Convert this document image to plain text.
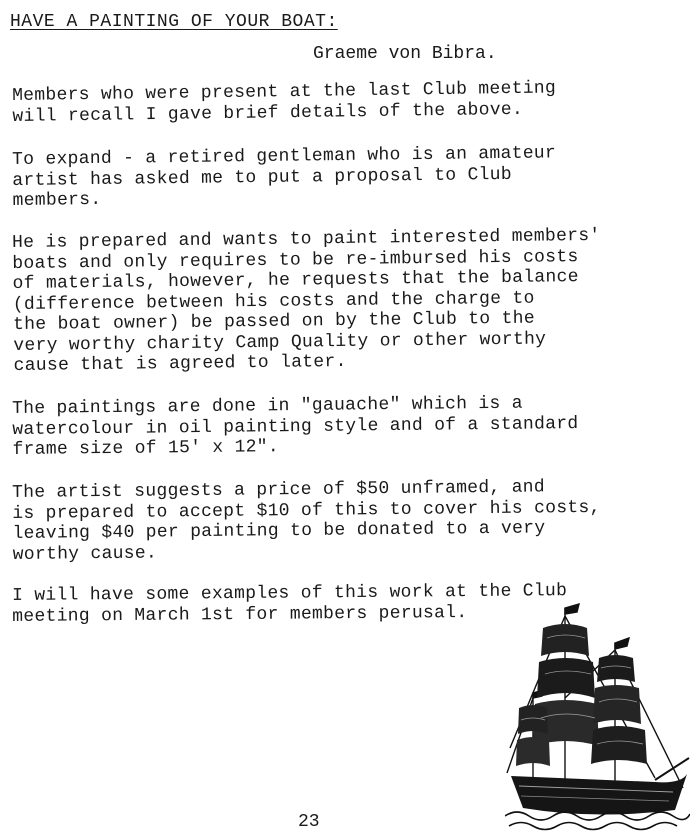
HAVE A PAINTING OF YOUR BOAT:

Graeme von Bibra.

Members who were present at the last Club meeting
will recall I gave brief details of the above.

To expand - a retired gentleman who is an amateur
artist has asked me to put a proposal to Club
members.

He is prepared and wants to paint interested members'
boats and only requires to be re-imbursed his costs
of materials, however, he requests that the balance
(difference between his costs and the charge to
the boat owner) be passed on by the Club to the
very worthy charity Camp Quality or other worthy
cause that is agreed to later.

The paintings are done in "gauache" which is a
watercolour in oil painting style and of a standard
frame size of 15' x 12".

The artist suggests a price of $50 unframed, and
is prepared to accept $10 of this to cover his costs,
leaving $40 per painting to be donated to a very
worthy cause.

I will have some examples of this work at the Club
meeting on March 1st for members perusal.

23
